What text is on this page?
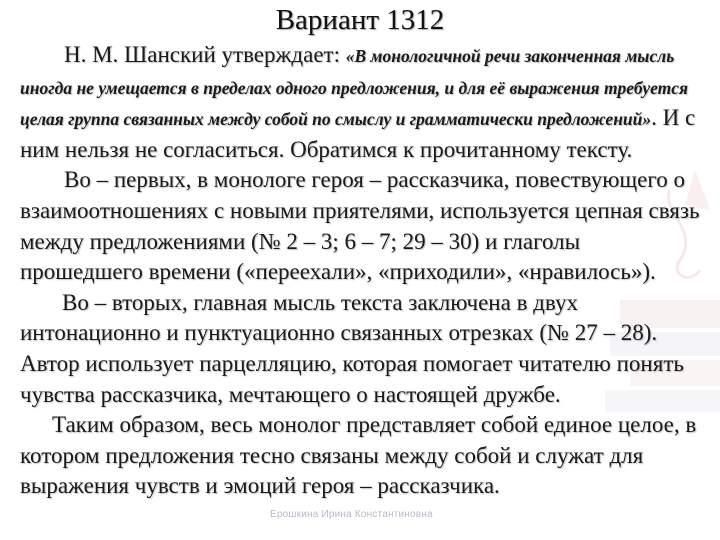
Вариант 1312

Н. М. Шанский утверждает: «В монологичной речи законченная мысль иногда не умещается в пределах одного предложения, и для её выражения требуется целая группа связанных между собой по смыслу и грамматически предложений». И с ним нельзя не согласиться. Обратимся к прочитанному тексту.

Во – первых, в монологе героя – рассказчика, повествующего о взаимоотношениях с новыми приятелями, используется цепная связь между предложениями (№ 2 – 3; 6 – 7; 29 – 30) и глаголы прошедшего времени («переехали», «приходили», «нравилось»).

Во – вторых, главная мысль текста заключена в двух интонационно и пунктуационно связанных отрезках (№ 27 – 28). Автор использует парцелляцию, которая помогает читателю понять чувства рассказчика, мечтающего о настоящей дружбе.

Таким образом, весь монолог представляет собой единое целое, в котором предложения тесно связаны между собой и служат для выражения чувств и эмоций героя – рассказчика.

Ерошкина Ирина Константиновна
